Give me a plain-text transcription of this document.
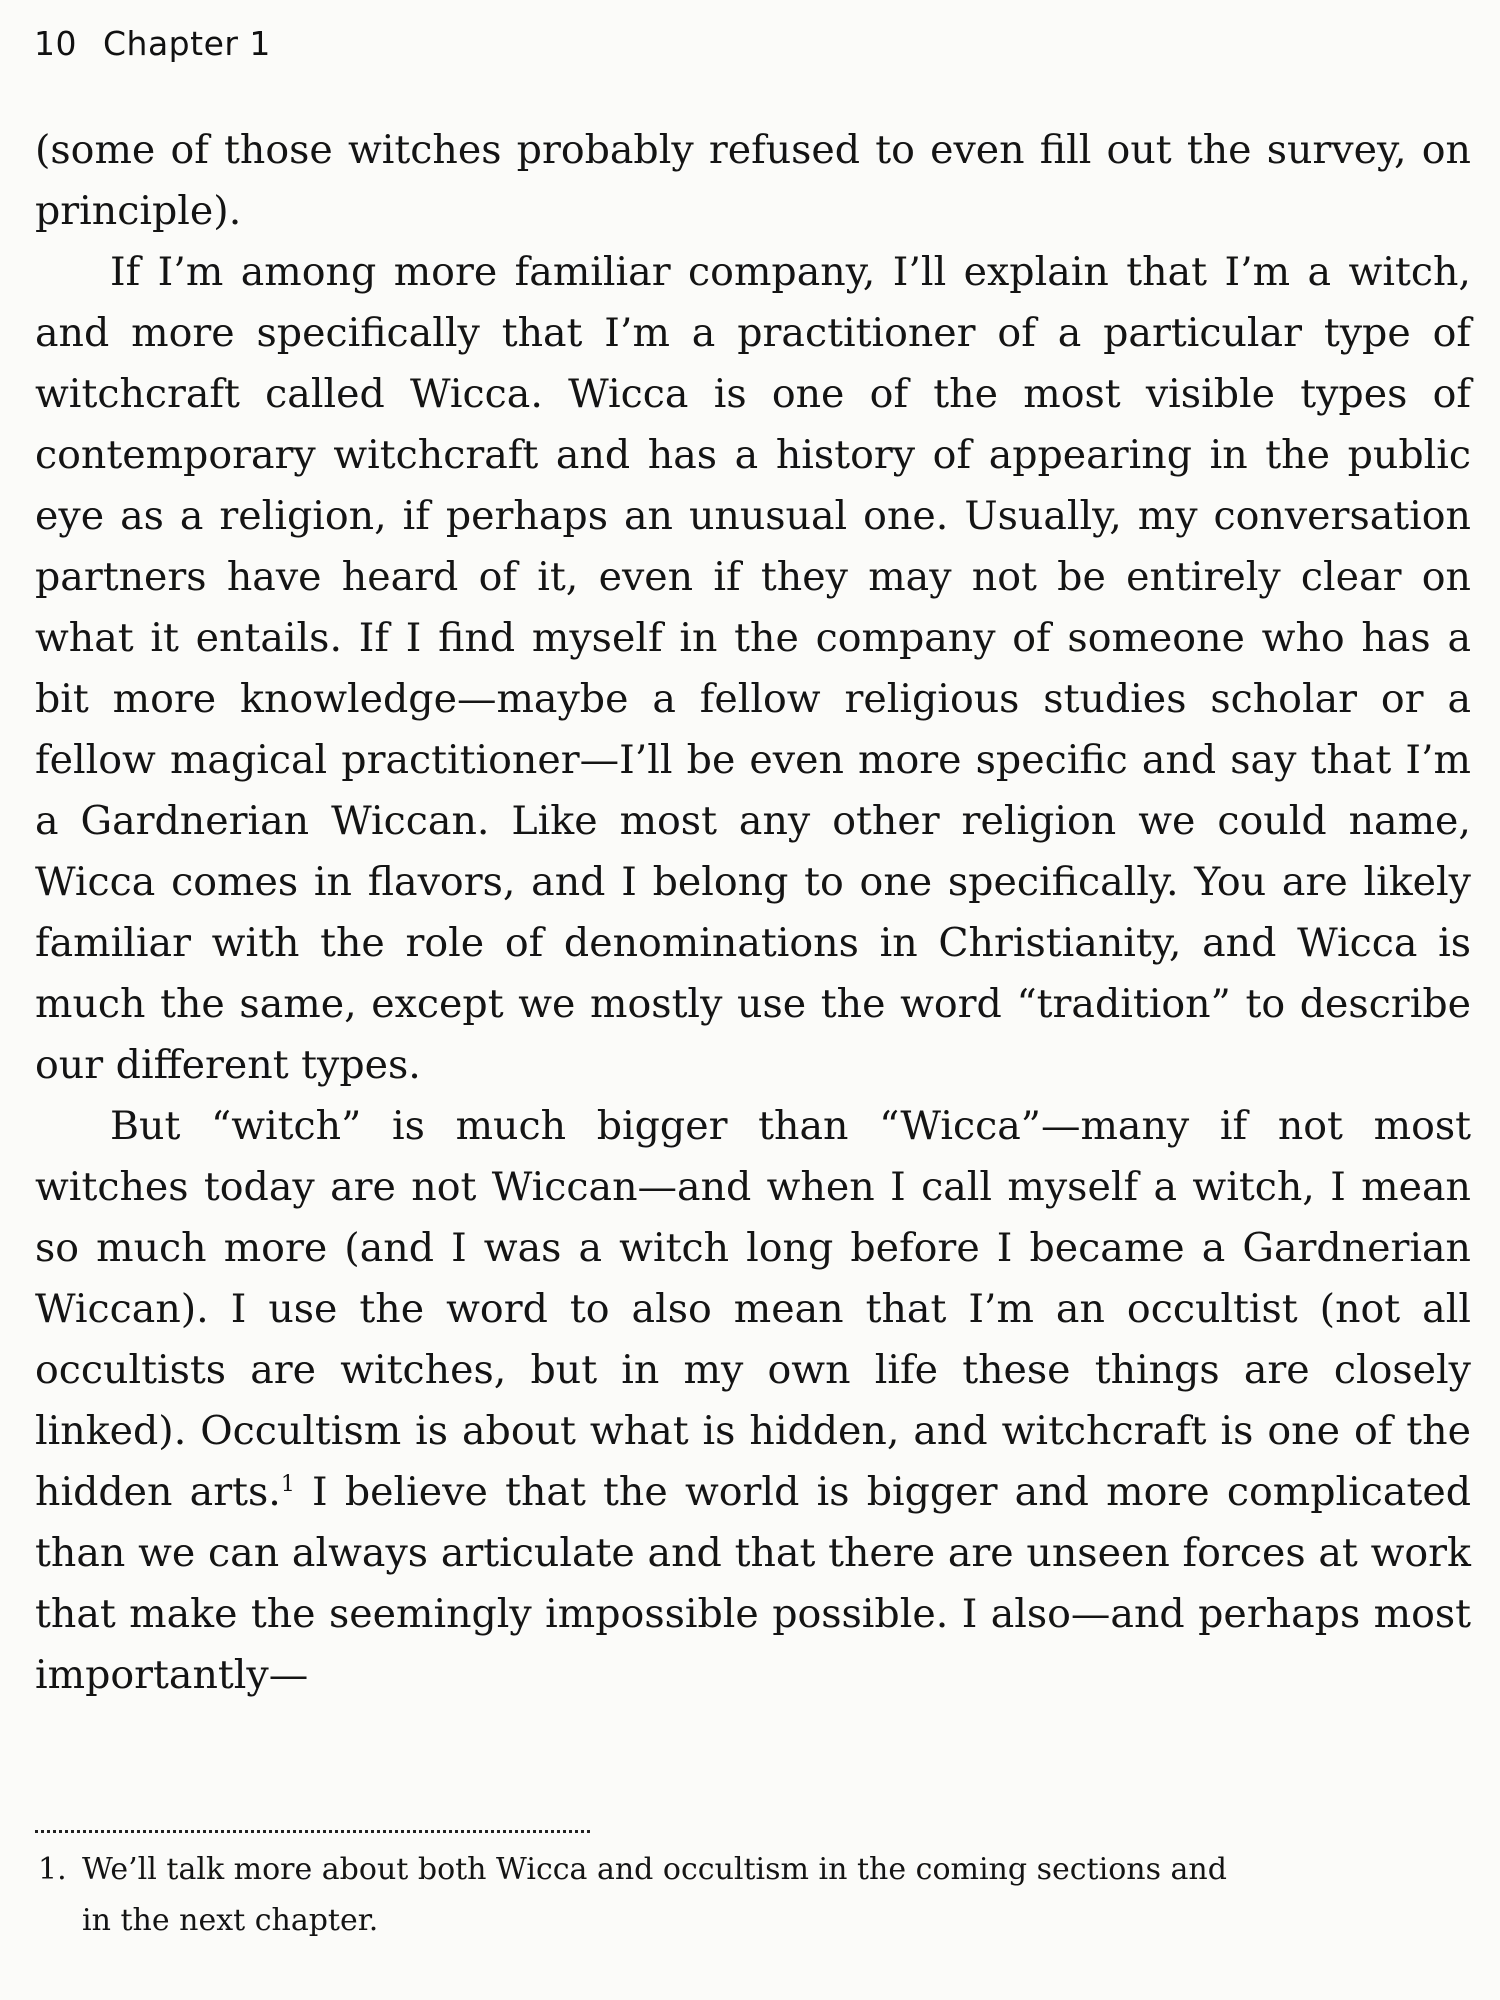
10 Chapter 1

(some of those witches probably refused to even fill out the survey, on principle).

If I’m among more familiar company, I’ll explain that I’m a witch, and more specifically that I’m a practitioner of a particular type of witchcraft called Wicca. Wicca is one of the most visible types of contemporary witchcraft and has a history of appearing in the public eye as a religion, if perhaps an unusual one. Usually, my conversation partners have heard of it, even if they may not be entirely clear on what it entails. If I find myself in the company of someone who has a bit more knowledge—maybe a fellow religious studies scholar or a fellow magical practitioner—I’ll be even more specific and say that I’m a Gardnerian Wiccan. Like most any other religion we could name, Wicca comes in flavors, and I belong to one specifically. You are likely familiar with the role of denominations in Christianity, and Wicca is much the same, except we mostly use the word “tradition” to describe our different types.

But “witch” is much bigger than “Wicca”—many if not most witches today are not Wiccan—and when I call myself a witch, I mean so much more (and I was a witch long before I became a Gardnerian Wiccan). I use the word to also mean that I’m an occultist (not all occultists are witches, but in my own life these things are closely linked). Occultism is about what is hidden, and witchcraft is one of the hidden arts.$^1$ I believe that the world is bigger and more complicated than we can always articulate and that there are unseen forces at work that make the seemingly impossible possible. I also—and perhaps most importantly—

1. We’ll talk more about both Wicca and occultism in the coming sections and
in the next chapter.
